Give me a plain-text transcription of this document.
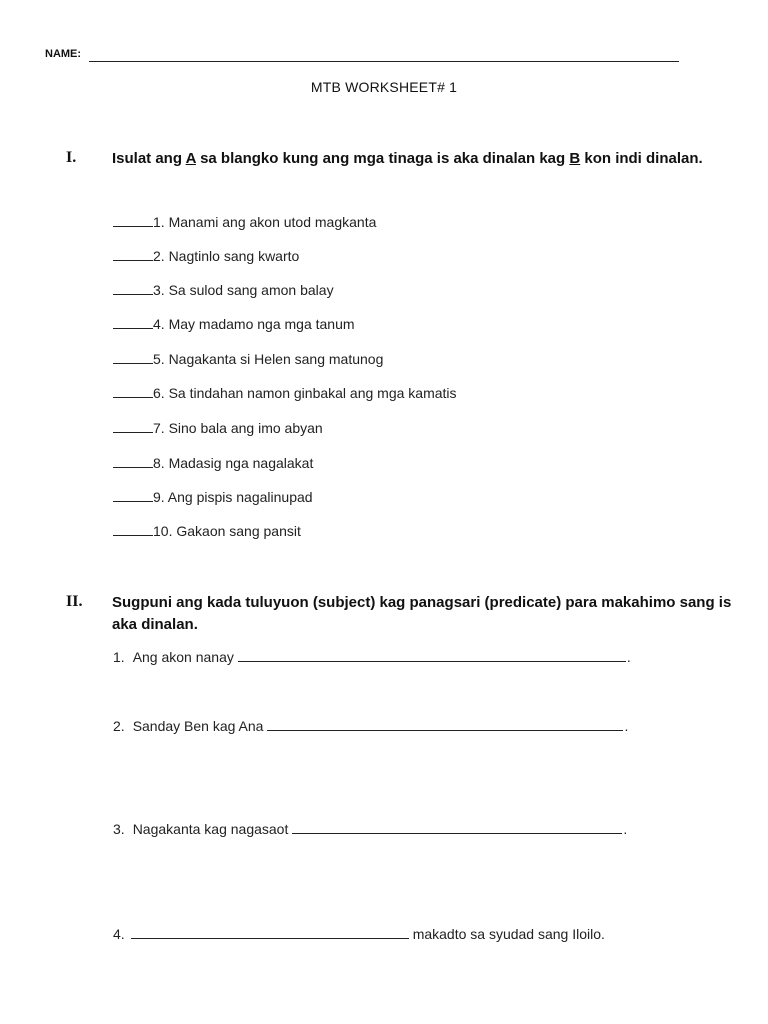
NAME:
MTB WORKSHEET# 1
I. Isulat ang A sa blangko kung ang mga tinaga is aka dinalan kag B kon indi dinalan.
1. Manami ang akon utod magkanta
2. Nagtinlo sang kwarto
3. Sa sulod sang amon balay
4. May madamo nga mga tanum
5. Nagakanta si Helen sang matunog
6. Sa tindahan namon ginbakal ang mga kamatis
7. Sino bala ang imo abyan
8. Madasig nga nagalakat
9. Ang pispis nagalinupad
10. Gakaon sang pansit
II. Sugpuni ang kada tuluyuon (subject) kag panagsari (predicate) para makahimo sang is aka dinalan.
1. Ang akon nanay	.
2. Sanday Ben kag Ana	.
3. Nagakanta kag nagasaot	.
4.	makadto sa syudad sang Iloilo.
